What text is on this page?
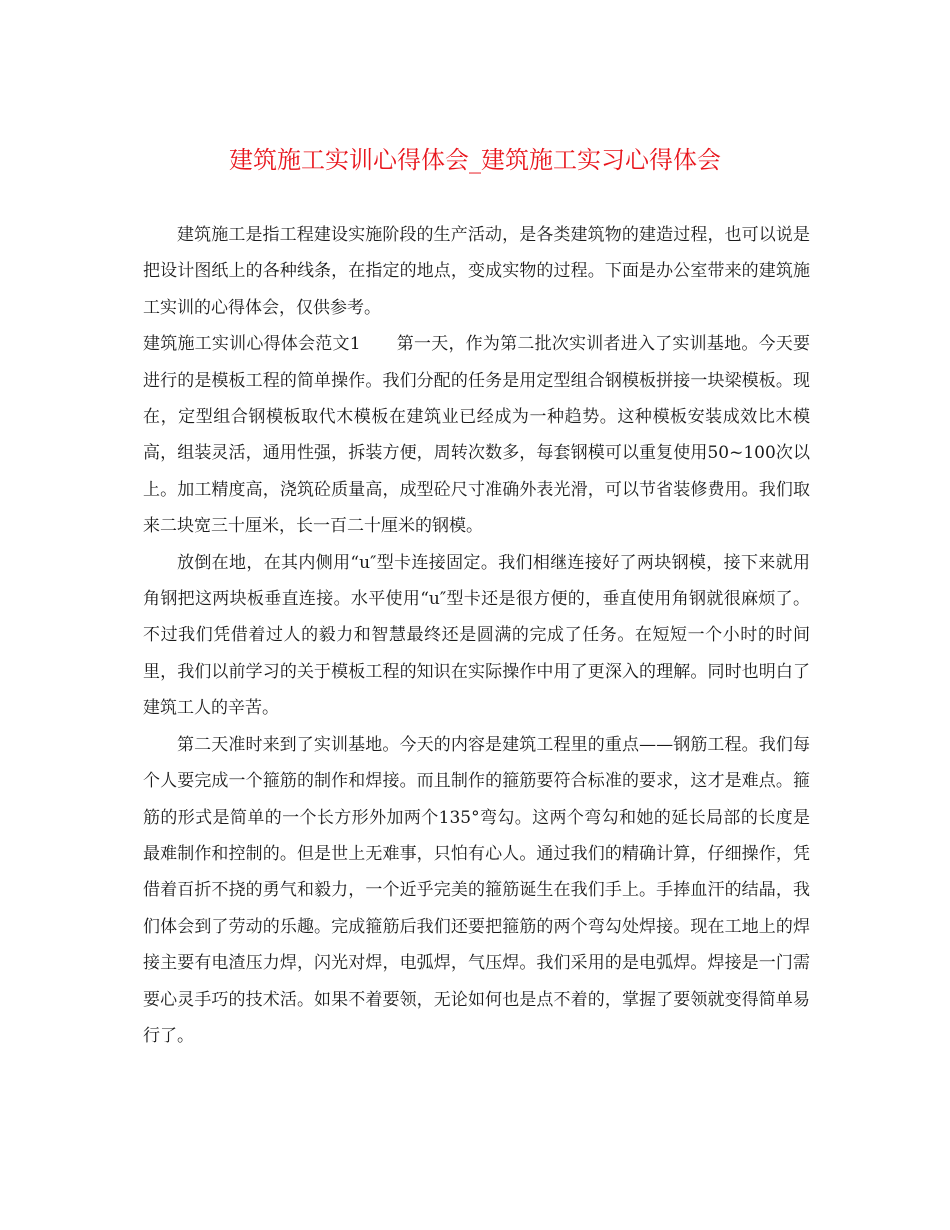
建筑施工实训心得体会_建筑施工实习心得体会

建筑施工是指工程建设实施阶段的生产活动，是各类建筑物的建造过程，也可以说是把设计图纸上的各种线条，在指定的地点，变成实物的过程。下面是办公室带来的建筑施工实训的心得体会，仅供参考。

建筑施工实训心得体会范文1 第一天，作为第二批次实训者进入了实训基地。今天要进行的是模板工程的简单操作。我们分配的任务是用定型组合钢模板拼接一块梁模板。现在，定型组合钢模板取代木模板在建筑业已经成为一种趋势。这种模板安装成效比木模高，组装灵活，通用性强，拆装方便，周转次数多，每套钢模可以重复使用50~100次以上。加工精度高，浇筑砼质量高，成型砼尺寸准确外表光滑，可以节省装修费用。我们取来二块宽三十厘米，长一百二十厘米的钢模。

放倒在地，在其内侧用“u″型卡连接固定。我们相继连接好了两块钢模，接下来就用角钢把这两块板垂直连接。水平使用“u″型卡还是很方便的，垂直使用角钢就很麻烦了。不过我们凭借着过人的毅力和智慧最终还是圆满的完成了任务。在短短一个小时的时间里，我们以前学习的关于模板工程的知识在实际操作中用了更深入的理解。同时也明白了建筑工人的辛苦。

第二天准时来到了实训基地。今天的内容是建筑工程里的重点——钢筋工程。我们每个人要完成一个箍筋的制作和焊接。而且制作的箍筋要符合标准的要求，这才是难点。箍筋的形式是简单的一个长方形外加两个135°弯勾。这两个弯勾和她的延长局部的长度是最难制作和控制的。但是世上无难事，只怕有心人。通过我们的精确计算，仔细操作，凭借着百折不挠的勇气和毅力，一个近乎完美的箍筋诞生在我们手上。手捧血汗的结晶，我们体会到了劳动的乐趣。完成箍筋后我们还要把箍筋的两个弯勾处焊接。现在工地上的焊接主要有电渣压力焊，闪光对焊，电弧焊，气压焊。我们采用的是电弧焊。焊接是一门需要心灵手巧的技术活。如果不着要领，无论如何也是点不着的，掌握了要领就变得简单易行了。
